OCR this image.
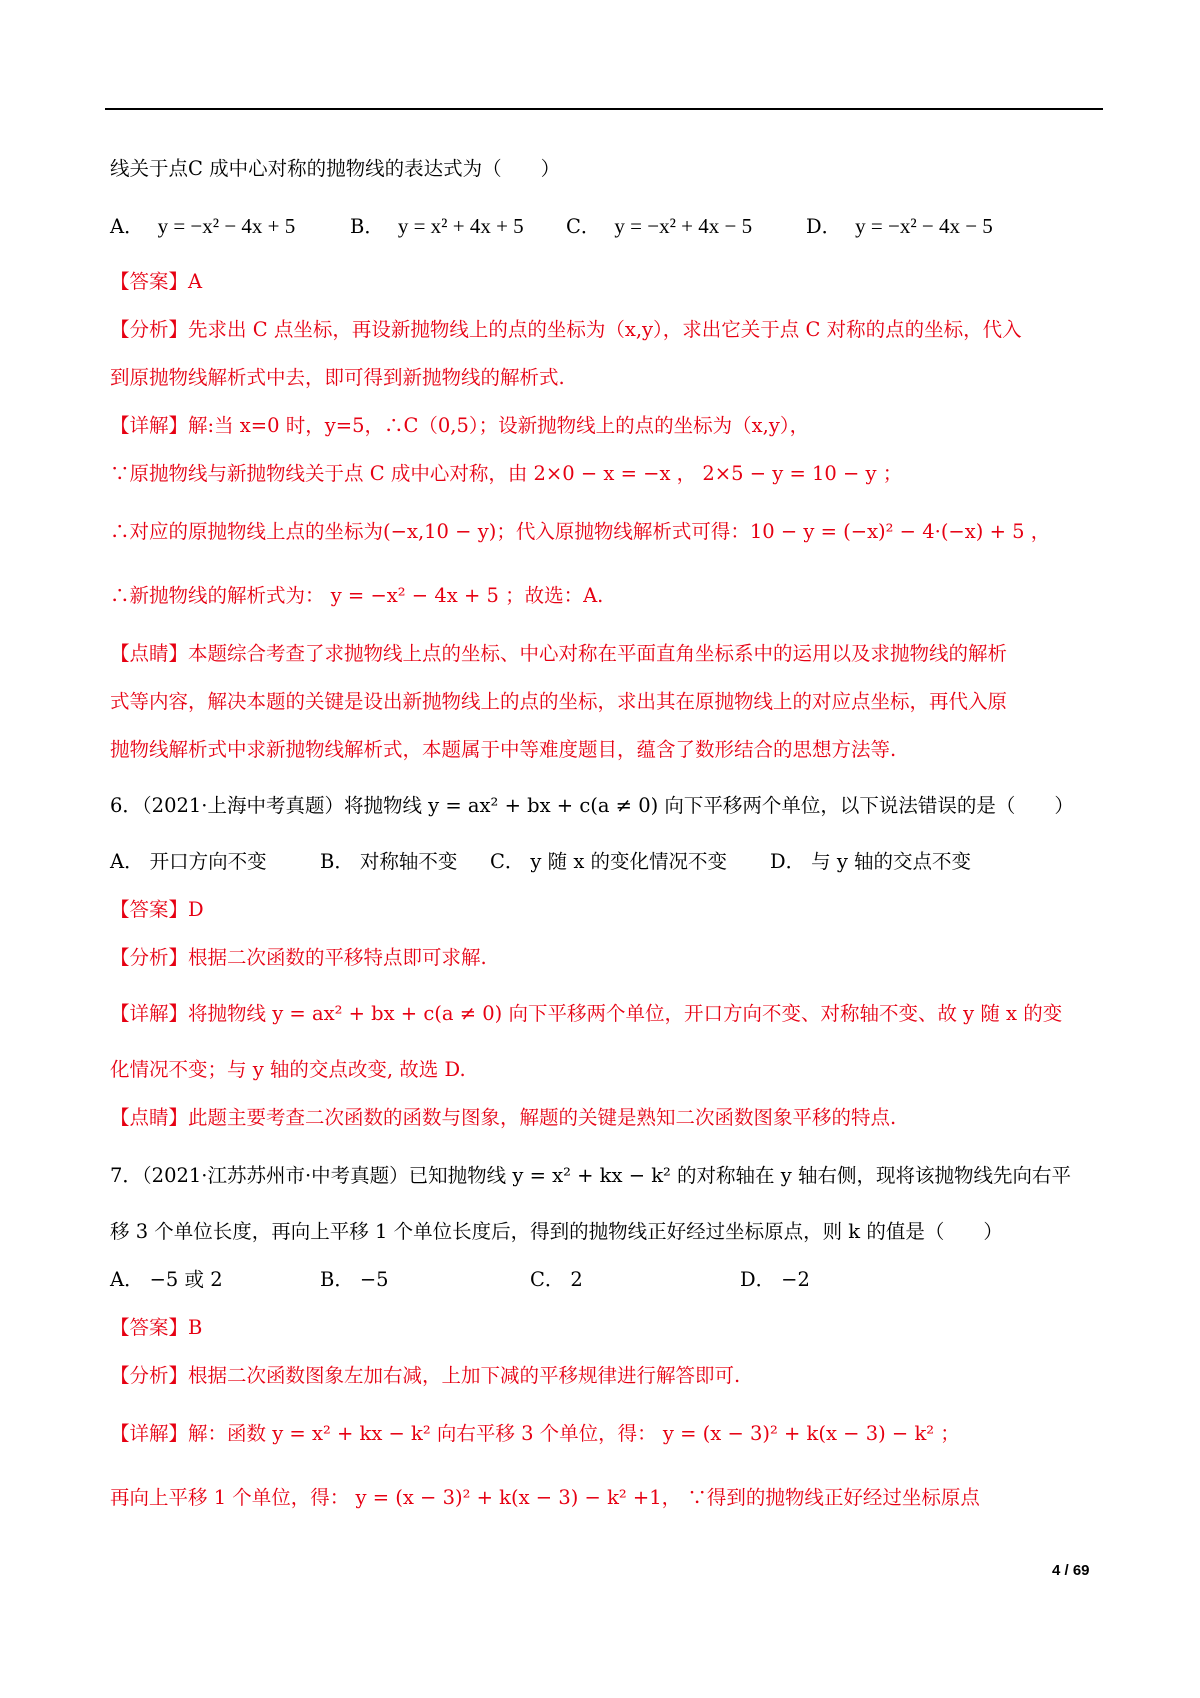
线关于点C 成中心对称的抛物线的表达式为（　　）
A． y = −x² − 4x + 5	B． y = x² + 4x + 5 C． y = −x² + 4x − 5	D． y = −x² − 4x − 5
【答案】A
【分析】先求出 C 点坐标，再设新抛物线上的点的坐标为（x,y），求出它关于点 C 对称的点的坐标，代入
到原抛物线解析式中去，即可得到新抛物线的解析式.
【详解】解:当 x=0 时，y=5，∴C（0,5）；设新抛物线上的点的坐标为（x,y），
∵原抛物线与新抛物线关于点 C 成中心对称，由 2×0 − x = −x ， 2×5 − y = 10 − y ；
∴对应的原抛物线上点的坐标为(−x,10 − y)；代入原抛物线解析式可得：10 − y = (−x)² − 4·(−x) + 5 ，
∴新抛物线的解析式为： y = −x² − 4x + 5 ；故选：A.
【点睛】本题综合考查了求抛物线上点的坐标、中心对称在平面直角坐标系中的运用以及求抛物线的解析
式等内容，解决本题的关键是设出新抛物线上的点的坐标，求出其在原抛物线上的对应点坐标，再代入原
抛物线解析式中求新抛物线解析式，本题属于中等难度题目，蕴含了数形结合的思想方法等.
6．（2021·上海中考真题）将抛物线 y = ax² + bx + c(a ≠ 0) 向下平移两个单位，以下说法错误的是（　　）
A． 开口方向不变	B． 对称轴不变 C． y 随 x 的变化情况不变 D． 与 y 轴的交点不变
【答案】D
【分析】根据二次函数的平移特点即可求解.
【详解】将抛物线 y = ax² + bx + c(a ≠ 0) 向下平移两个单位，开口方向不变、对称轴不变、故 y 随 x 的变
化情况不变；与 y 轴的交点改变, 故选 D.
【点睛】此题主要考查二次函数的函数与图象，解题的关键是熟知二次函数图象平移的特点.
7．（2021·江苏苏州市·中考真题）已知抛物线 y = x² + kx − k² 的对称轴在 y 轴右侧，现将该抛物线先向右平
移 3 个单位长度，再向上平移 1 个单位长度后，得到的抛物线正好经过坐标原点，则 k 的值是（　　）
A． −5 或 2	B． −5	C． 2	D． −2
【答案】B
【分析】根据二次函数图象左加右减，上加下减的平移规律进行解答即可.
【详解】解：函数 y = x² + kx − k² 向右平移 3 个单位，得： y = (x − 3)² + k(x − 3) − k² ；
再向上平移 1 个单位，得： y = (x − 3)² + k(x − 3) − k² +1， ∵得到的抛物线正好经过坐标原点
4 / 69
